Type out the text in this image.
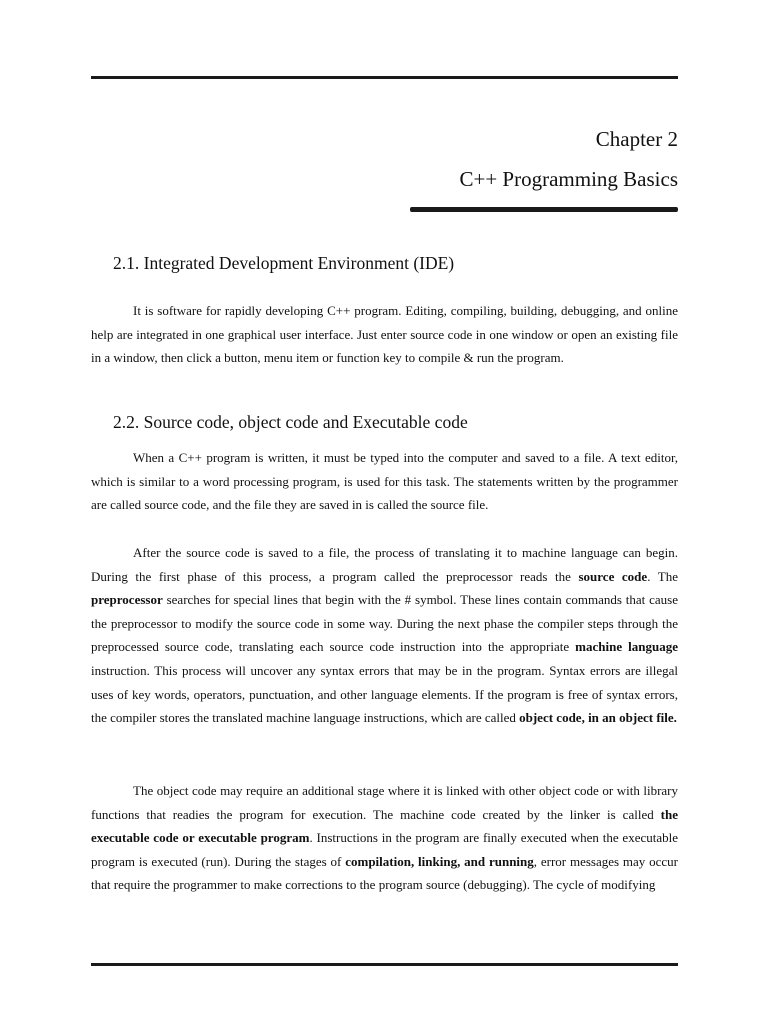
Chapter 2
C++ Programming Basics
2.1. Integrated Development Environment (IDE)

It is software for rapidly developing C++ program. Editing, compiling, building, debugging, and online help are integrated in one graphical user interface. Just enter source code in one window or open an existing file in a window, then click a button, menu item or function key to compile & run the program.

2.2. Source code, object code and Executable code

When a C++ program is written, it must be typed into the computer and saved to a file. A text editor, which is similar to a word processing program, is used for this task. The statements written by the programmer are called source code, and the file they are saved in is called the source file.

After the source code is saved to a file, the process of translating it to machine language can begin. During the first phase of this process, a program called the preprocessor reads the source code. The preprocessor searches for special lines that begin with the # symbol. These lines contain commands that cause the preprocessor to modify the source code in some way. During the next phase the compiler steps through the preprocessed source code, translating each source code instruction into the appropriate machine language instruction. This process will uncover any syntax errors that may be in the program. Syntax errors are illegal uses of key words, operators, punctuation, and other language elements. If the program is free of syntax errors, the compiler stores the translated machine language instructions, which are called object code, in an object file.

The object code may require an additional stage where it is linked with other object code or with library functions that readies the program for execution. The machine code created by the linker is called the executable code or executable program. Instructions in the program are finally executed when the executable program is executed (run). During the stages of compilation, linking, and running, error messages may occur that require the programmer to make corrections to the program source (debugging). The cycle of modifying
